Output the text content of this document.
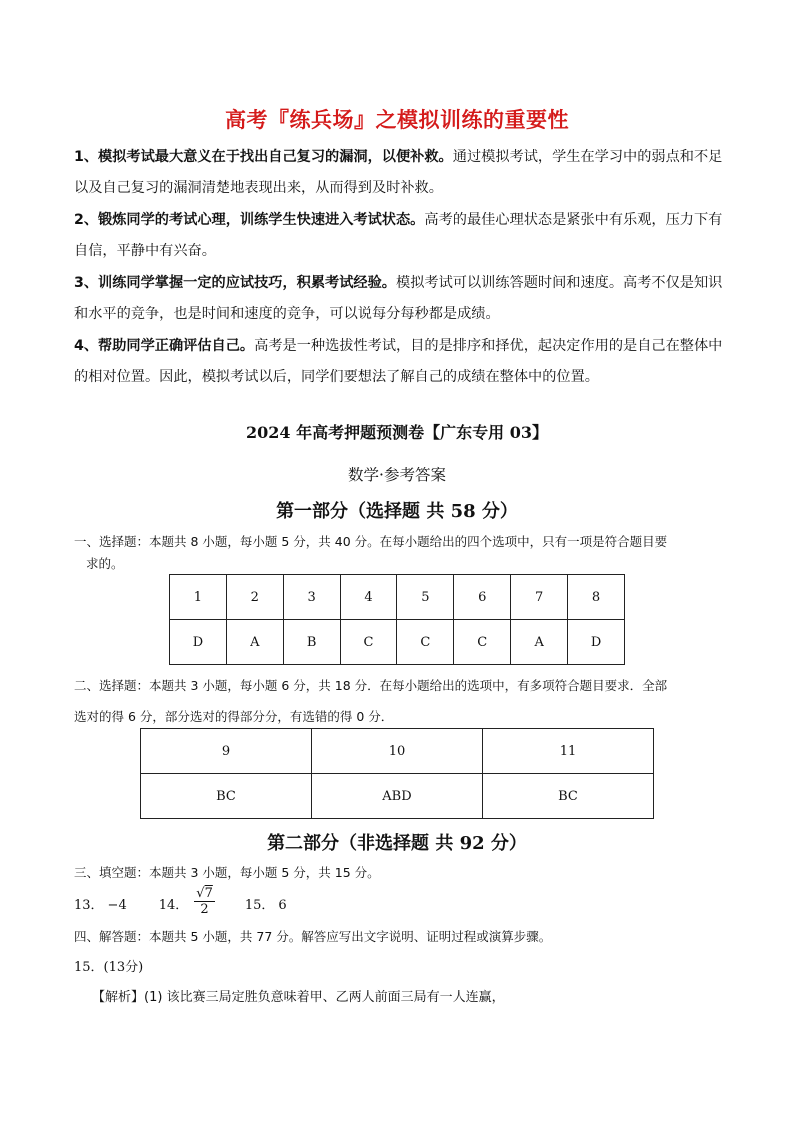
高考『练兵场』之模拟训练的重要性

1、模拟考试最大意义在于找出自己复习的漏洞，以便补救。通过模拟考试，学生在学习中的弱点和不足以及自己复习的漏洞清楚地表现出来，从而得到及时补救。

2、锻炼同学的考试心理，训练学生快速进入考试状态。高考的最佳心理状态是紧张中有乐观，压力下有自信，平静中有兴奋。

3、训练同学掌握一定的应试技巧，积累考试经验。模拟考试可以训练答题时间和速度。高考不仅是知识和水平的竞争，也是时间和速度的竞争，可以说每分每秒都是成绩。

4、帮助同学正确评估自己。高考是一种选拔性考试，目的是排序和择优，起决定作用的是自己在整体中的相对位置。因此，模拟考试以后，同学们要想法了解自己的成绩在整体中的位置。

2024 年高考押题预测卷【广东专用 03】
数学·参考答案
第一部分（选择题 共 58 分）
一、选择题：本题共 8 小题，每小题 5 分，共 40 分。在每小题给出的四个选项中，只有一项是符合题目要
求的。
1	2	3	4	5	6	7	8
D	A	B	C	C	C	A	D
二、选择题：本题共 3 小题，每小题 6 分，共 18 分．在每小题给出的选项中，有多项符合题目要求．全部
选对的得 6 分，部分选对的得部分分，有选错的得 0 分．
9	10	11
BC	ABD	BC
第二部分（非选择题 共 92 分）
三、填空题：本题共 3 小题，每小题 5 分，共 15 分。
13． −4 14． $\frac{√7}{2} 15$． 6
四、解答题：本题共 5 小题，共 77 分。解答应写出文字说明、证明过程或演算步骤。
15．(13分)
【解析】(1) 该比赛三局定胜负意味着甲、乙两人前面三局有一人连赢，
